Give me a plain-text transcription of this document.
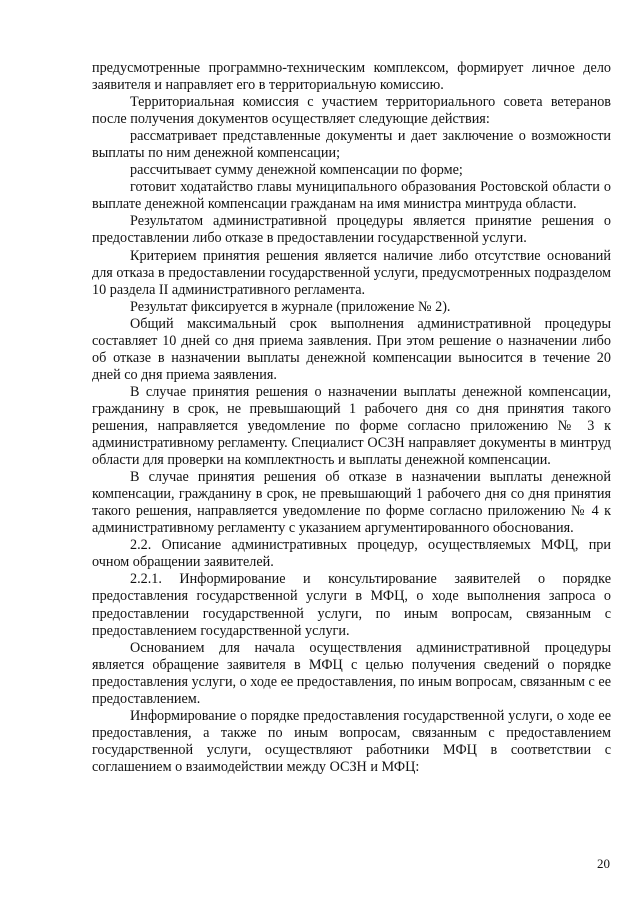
предусмотренные программно-техническим комплексом, формирует личное дело заявителя и направляет его в территориальную комиссию.

Территориальная комиссия с участием территориального совета ветеранов после получения документов осуществляет следующие действия:

рассматривает представленные документы и дает заключение о возможности выплаты по ним денежной компенсации;

рассчитывает сумму денежной компенсации по форме;

готовит ходатайство главы муниципального образования Ростовской области о выплате денежной компенсации гражданам на имя министра минтруда области.

Результатом административной процедуры является принятие решения о предоставлении либо отказе в предоставлении государственной услуги.

Критерием принятия решения является наличие либо отсутствие оснований для отказа в предоставлении государственной услуги, предусмотренных подразделом 10 раздела II административного регламента.

Результат фиксируется в журнале (приложение № 2).

Общий максимальный срок выполнения административной процедуры составляет 10 дней со дня приема заявления. При этом решение о назначении либо об отказе в назначении выплаты денежной компенсации выносится в течение 20 дней со дня приема заявления.

В случае принятия решения о назначении выплаты денежной компенсации, гражданину в срок, не превышающий 1 рабочего дня со дня принятия такого решения, направляется уведомление по форме согласно приложению № 3 к административному регламенту. Специалист ОСЗН направляет документы в минтруд области для проверки на комплектность и выплаты денежной компенсации.

В случае принятия решения об отказе в назначении выплаты денежной компенсации, гражданину в срок, не превышающий 1 рабочего дня со дня принятия такого решения, направляется уведомление по форме согласно приложению № 4 к административному регламенту с указанием аргументированного обоснования.

2.2. Описание административных процедур, осуществляемых МФЦ, при очном обращении заявителей.

2.2.1. Информирование и консультирование заявителей о порядке предоставления государственной услуги в МФЦ, о ходе выполнения запроса о предоставлении государственной услуги, по иным вопросам, связанным с предоставлением государственной услуги.

Основанием для начала осуществления административной процедуры является обращение заявителя в МФЦ с целью получения сведений о порядке предоставления услуги, о ходе ее предоставления, по иным вопросам, связанным с ее предоставлением.

Информирование о порядке предоставления государственной услуги, о ходе ее предоставления, а также по иным вопросам, связанным с предоставлением государственной услуги, осуществляют работники МФЦ в соответствии с соглашением о взаимодействии между ОСЗН и МФЦ:

20
